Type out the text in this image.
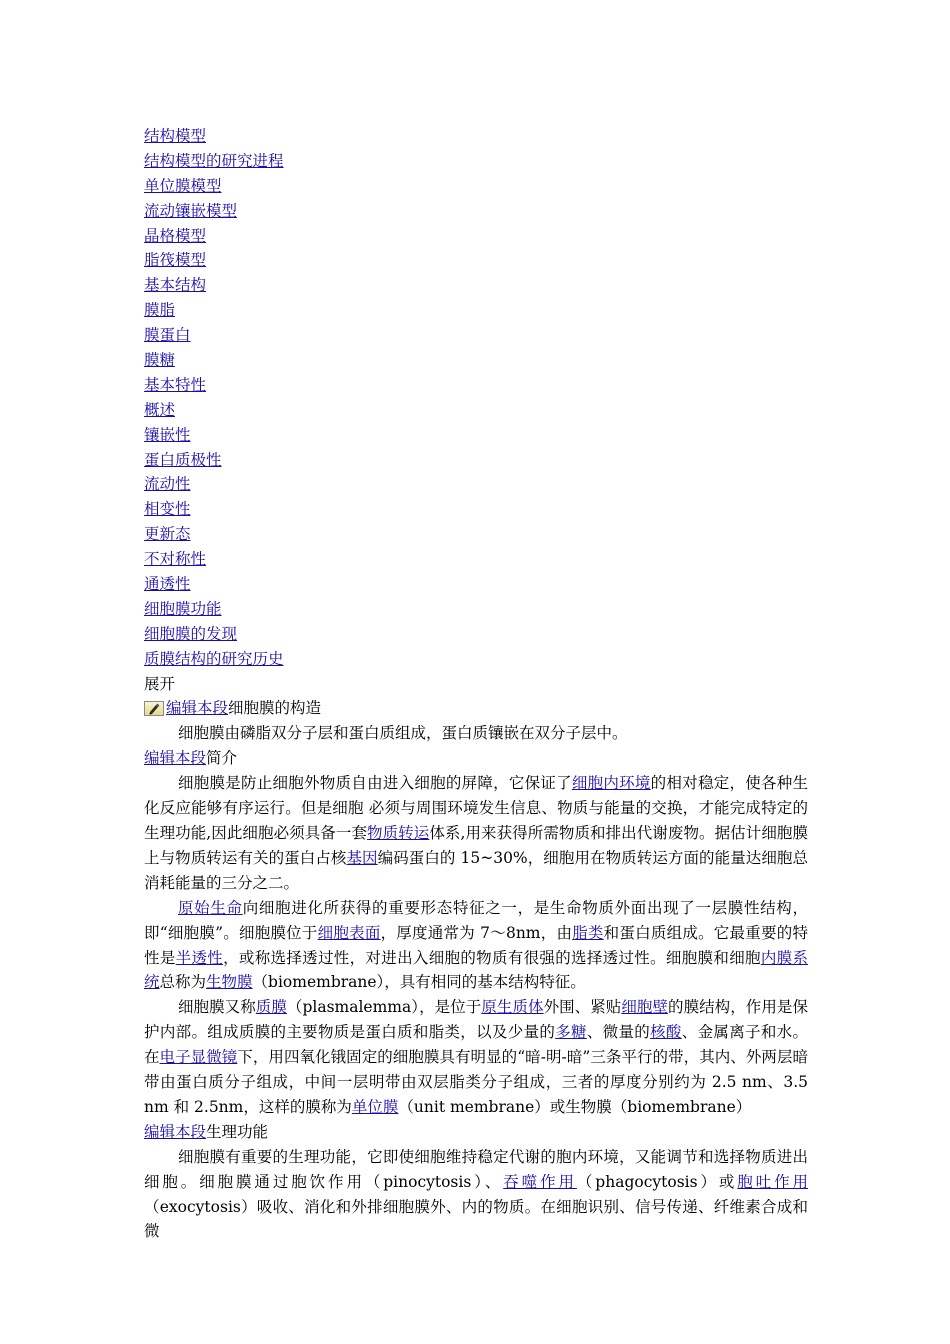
结构模型
结构模型的研究进程
单位膜模型
流动镶嵌模型
晶格模型
脂筏模型
基本结构
膜脂
膜蛋白
膜糖
基本特性
概述
镶嵌性
蛋白质极性
流动性
相变性
更新态
不对称性
通透性
细胞膜功能
细胞膜的发现
质膜结构的研究历史
展开
编辑本段 细胞膜的构造

细胞膜由磷脂双分子层和蛋白质组成，蛋白质镶嵌在双分子层中。

编辑本段 简介

细胞膜是防止细胞外物质自由进入细胞的屏障，它保证了细胞内环境的相对稳定，使各种生化反应能够有序运行。但是细胞 必须与周围环境发生信息、物质与能量的交换，才能完成特定的生理功能,因此细胞必须具备一套物质转运体系,用来获得所需物质和排出代谢废物。据估计细胞膜上与物质转运有关的蛋白占核基因编码蛋白的 15~30%，细胞用在物质转运方面的能量达细胞总消耗能量的三分之二。

原始生命向细胞进化所获得的重要形态特征之一，是生命物质外面出现了一层膜性结构，即“细胞膜”。细胞膜位于细胞表面，厚度通常为 7～8nm，由脂类和蛋白质组成。它最重要的特性是半透性，或称选择透过性，对进出入细胞的物质有很强的选择透过性。细胞膜和细胞内膜系统总称为生物膜（biomembrane），具有相同的基本结构特征。

细胞膜又称质膜（plasmalemma），是位于原生质体外围、紧贴细胞壁的膜结构，作用是保护内部。组成质膜的主要物质是蛋白质和脂类，以及少量的多糖、微量的核酸、金属离子和水。在电子显微镜下，用四氧化锇固定的细胞膜具有明显的“暗-明-暗”三条平行的带，其内、外两层暗带由蛋白质分子组成，中间一层明带由双层脂类分子组成，三者的厚度分别约为 2.5 nm、3.5 nm 和 2.5nm，这样的膜称为单位膜（unit membrane）或生物膜（biomembrane）

编辑本段 生理功能

细胞膜有重要的生理功能，它即使细胞维持稳定代谢的胞内环境，又能调节和选择物质进出细胞。细胞膜通过胞饮作用（pinocytosis）、吞噬作用（phagocytosis）或胞吐作用（exocytosis）吸收、消化和外排细胞膜外、内的物质。在细胞识别、信号传递、纤维素合成和微
